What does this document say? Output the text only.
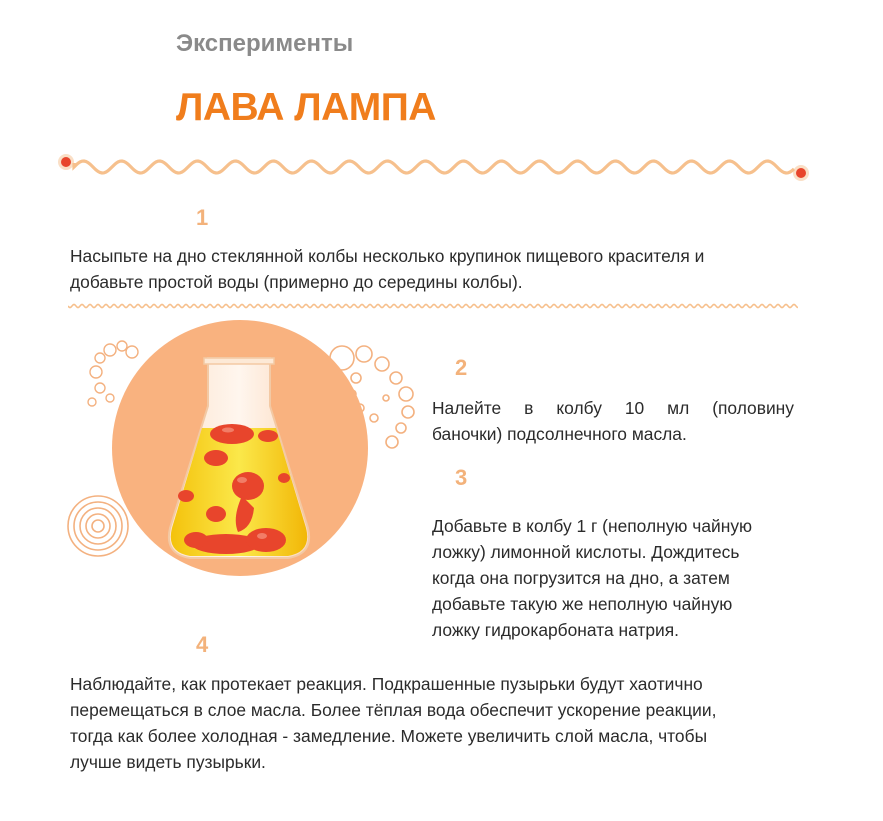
Эксперименты
ЛАВА ЛАМПА

1

Насыпьте на дно стеклянной колбы несколько крупинок пищевого красителя и
добавьте простой воды (примерно до середины колбы).

2

Налейте в колбу 10 мл (половину
баночки) подсолнечного масла.

3

Добавьте в колбу 1 г (неполную чайную
ложку) лимонной кислоты. Дождитесь
когда она погрузится на дно, а затем
добавьте такую же неполную чайную
ложку гидрокарбоната натрия.

4

Наблюдайте, как протекает реакция. Подкрашенные пузырьки будут хаотично
перемещаться в слое масла. Более тёплая вода обеспечит ускорение реакции,
тогда как более холодная - замедление. Можете увеличить слой масла, чтобы
лучше видеть пузырьки.
